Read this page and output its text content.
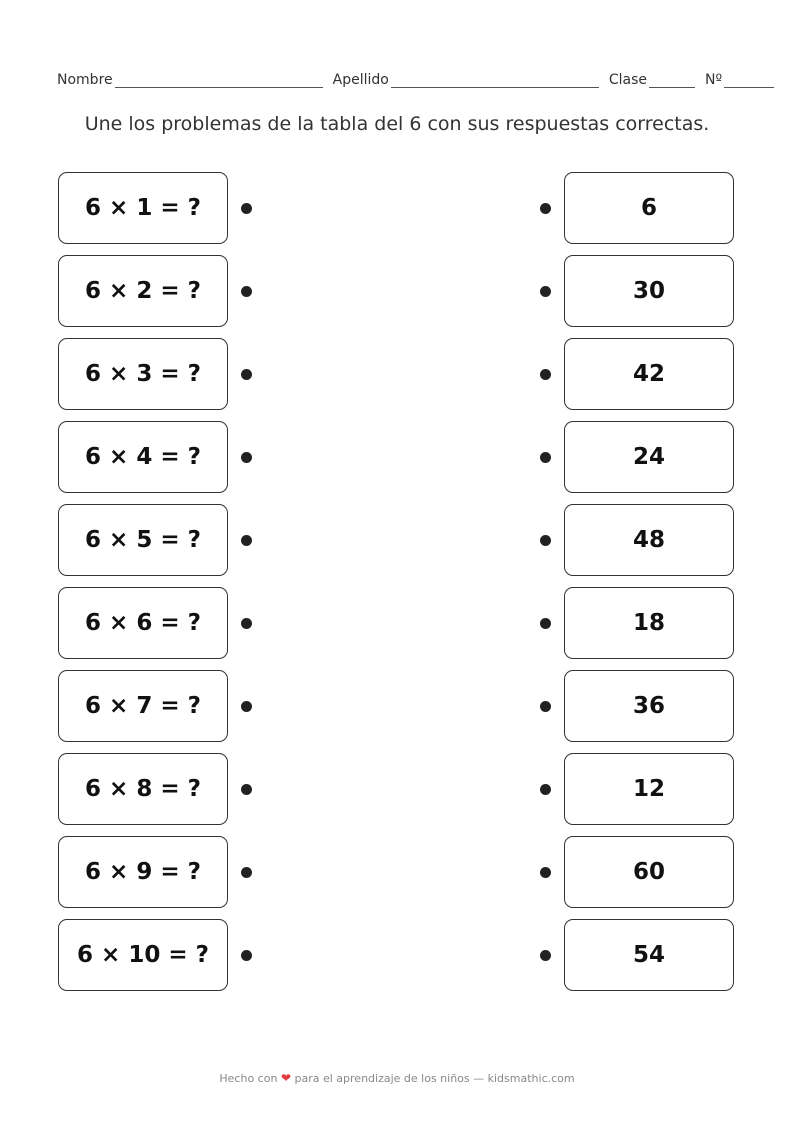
Nombre	Apellido	Clase	Nº
Une los problemas de la tabla del 6 con sus respuestas correctas.
6 × 1 = ?	6
6 × 2 = ?	30
6 × 3 = ?	42
6 × 4 = ?	24
6 × 5 = ?	48
6 × 6 = ?	18
6 × 7 = ?	36
6 × 8 = ?	12
6 × 9 = ?	60
6 × 10 = ?	54
Hecho con ❤ para el aprendizaje de los niños — kidsmathic.com
